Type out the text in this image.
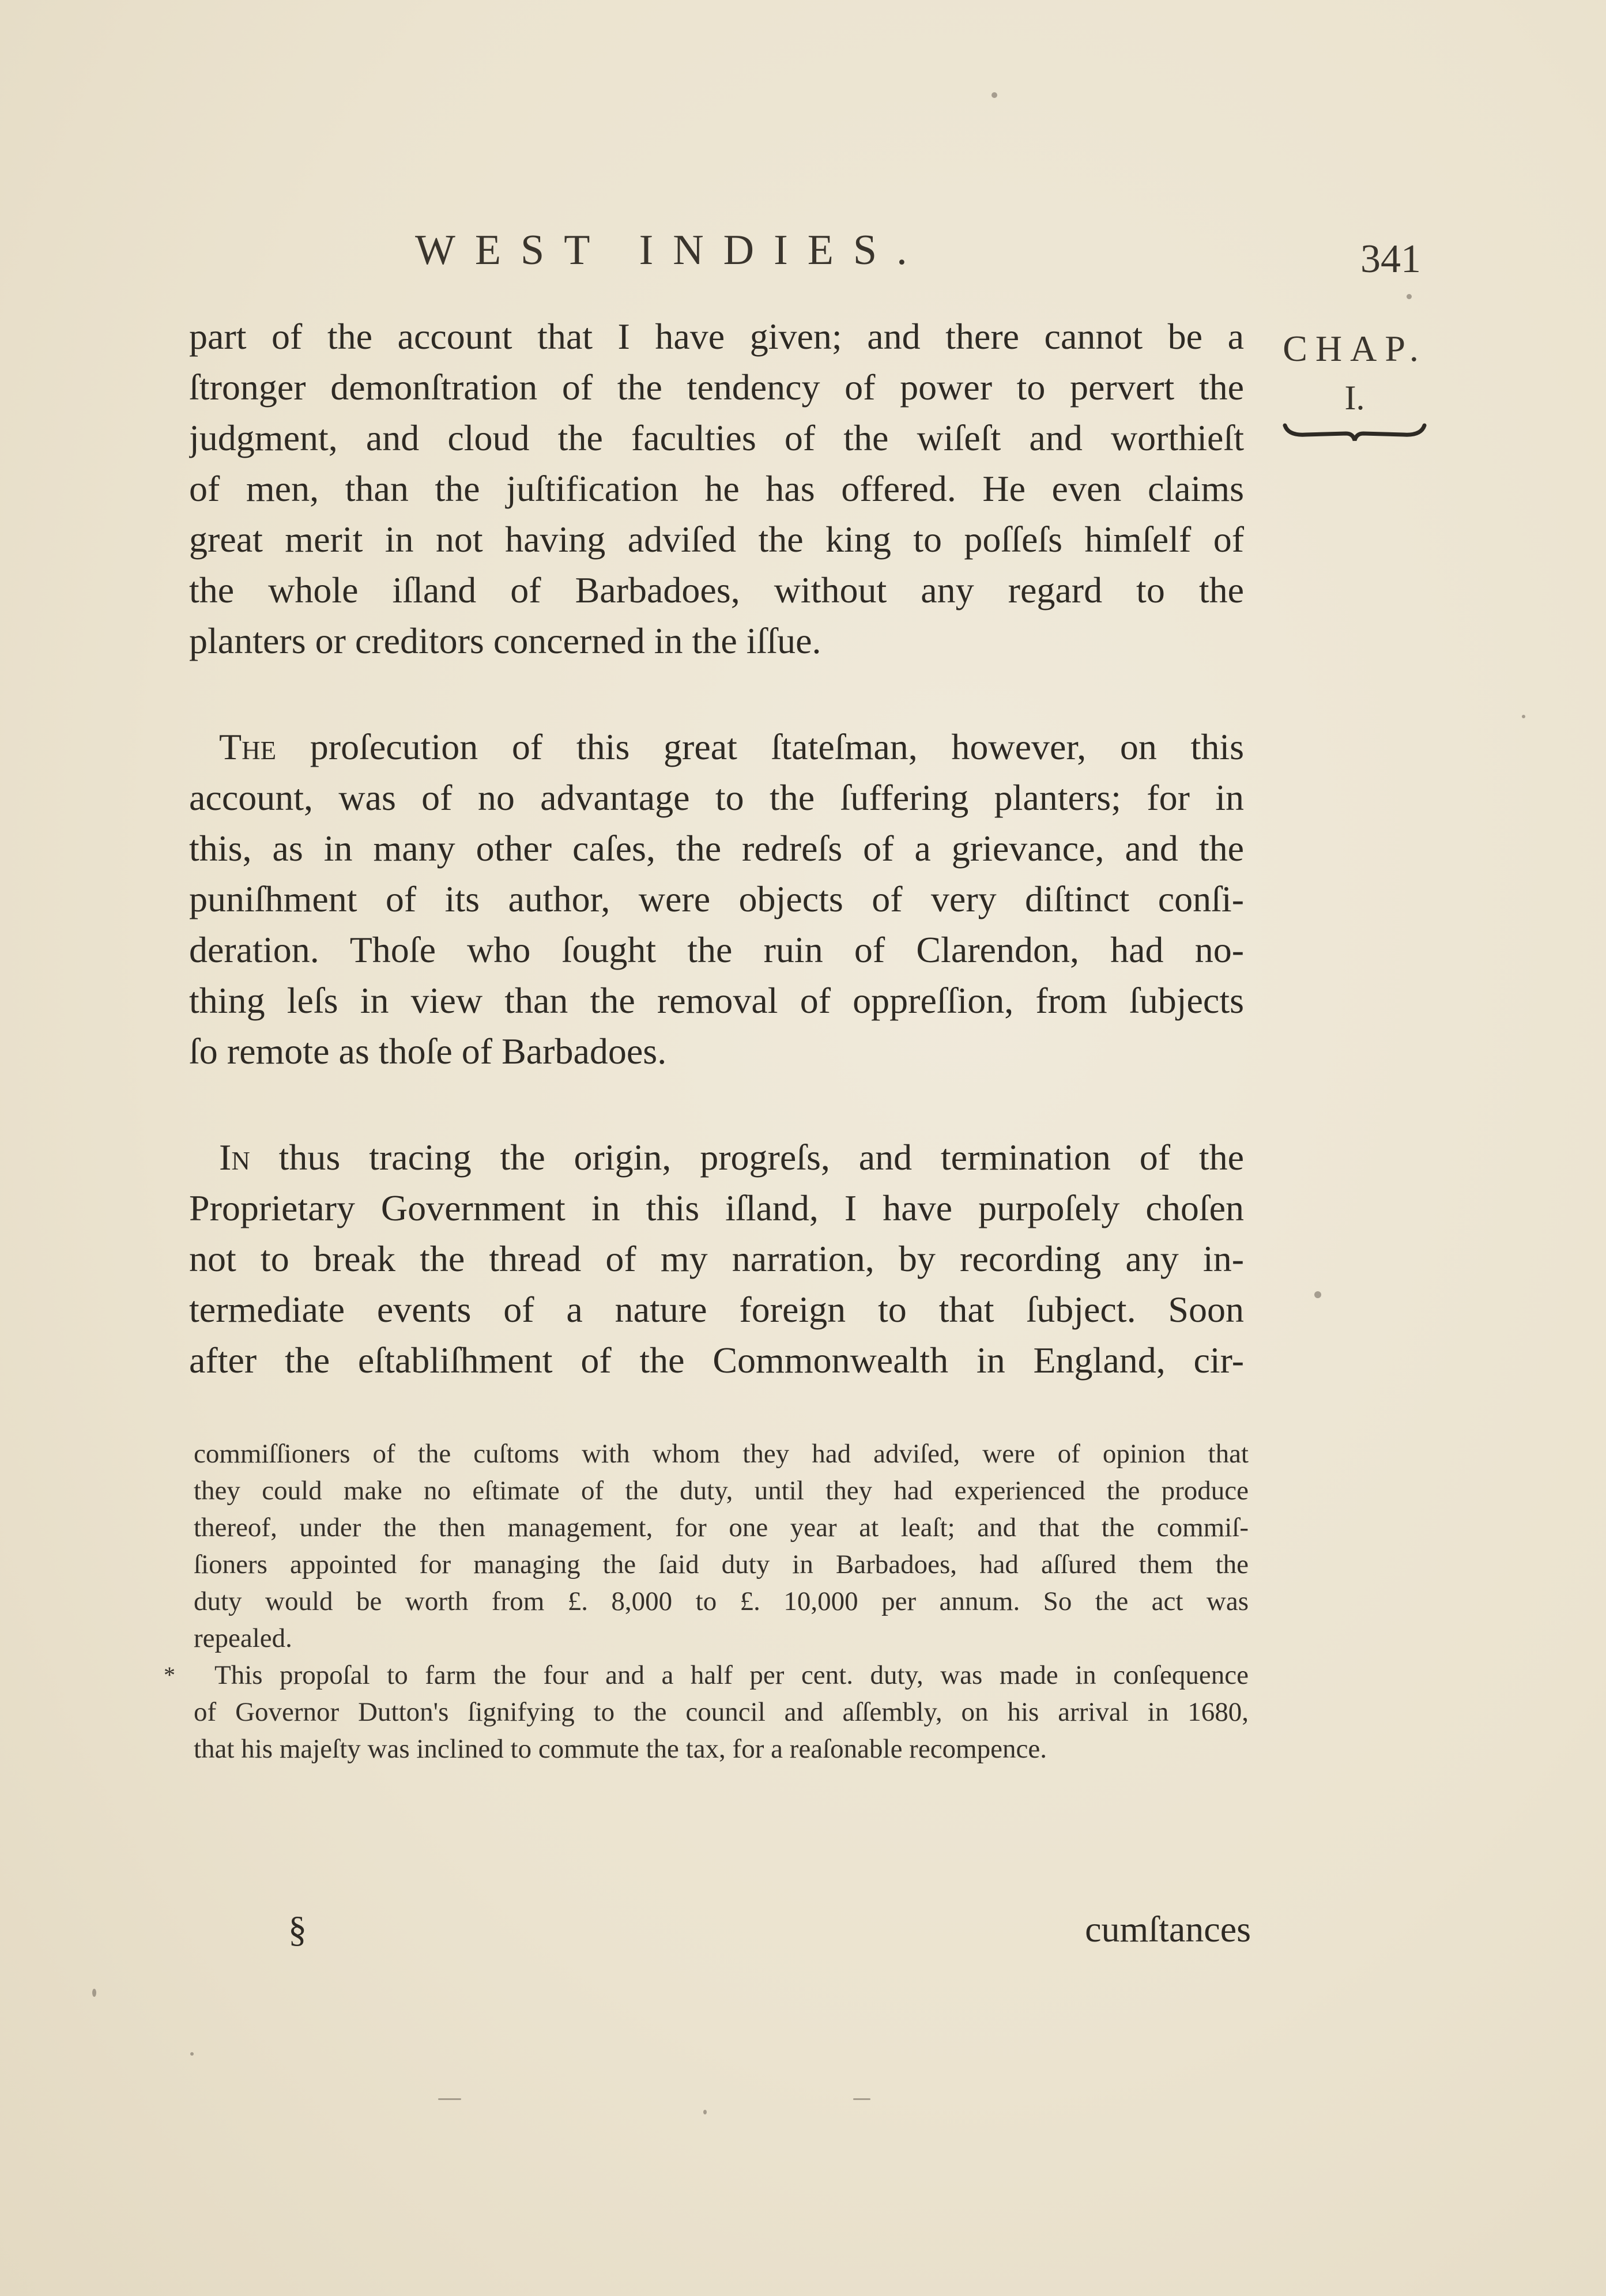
WEST INDIES.	341
CHAP.
I.
part of the account that I have given; and there cannot be a
ſtronger demonſtration of the tendency of power to pervert the
judgment, and cloud the faculties of the wiſeſt and worthieſt
of men, than the juſtification he has offered. He even claims
great merit in not having adviſed the king to poſſeſs himſelf of
the whole iſland of Barbadoes, without any regard to the
planters or creditors concerned in the iſſue.
The proſecution of this great ſtateſman, however, on this
account, was of no advantage to the ſuffering planters; for in
this, as in many other caſes, the redreſs of a grievance, and the
puniſhment of its author, were objects of very diſtinct conſi-
deration. Thoſe who ſought the ruin of Clarendon, had no-
thing leſs in view than the removal of oppreſſion, from ſubjects
ſo remote as thoſe of Barbadoes.
In thus tracing the origin, progreſs, and termination of the
Proprietary Government in this iſland, I have purpoſely choſen
not to break the thread of my narration, by recording any in-
termediate events of a nature foreign to that ſubject. Soon
after the eſtabliſhment of the Commonwealth in England, cir-
commiſſioners of the cuſtoms with whom they had adviſed, were of opinion that
they could make no eſtimate of the duty, until they had experienced the produce
thereof, under the then management, for one year at leaſt; and that the commiſ-
ſioners appointed for managing the ſaid duty in Barbadoes, had aſſured them the
duty would be worth from £. 8,000 to £. 10,000 per annum. So the act was
repealed.
*	This propoſal to farm the four and a half per cent. duty, was made in conſequence
of Governor Dutton's ſignifying to the council and aſſembly, on his arrival in 1680,
that his majeſty was inclined to commute the tax, for a reaſonable recompence.
§	cumſtances
